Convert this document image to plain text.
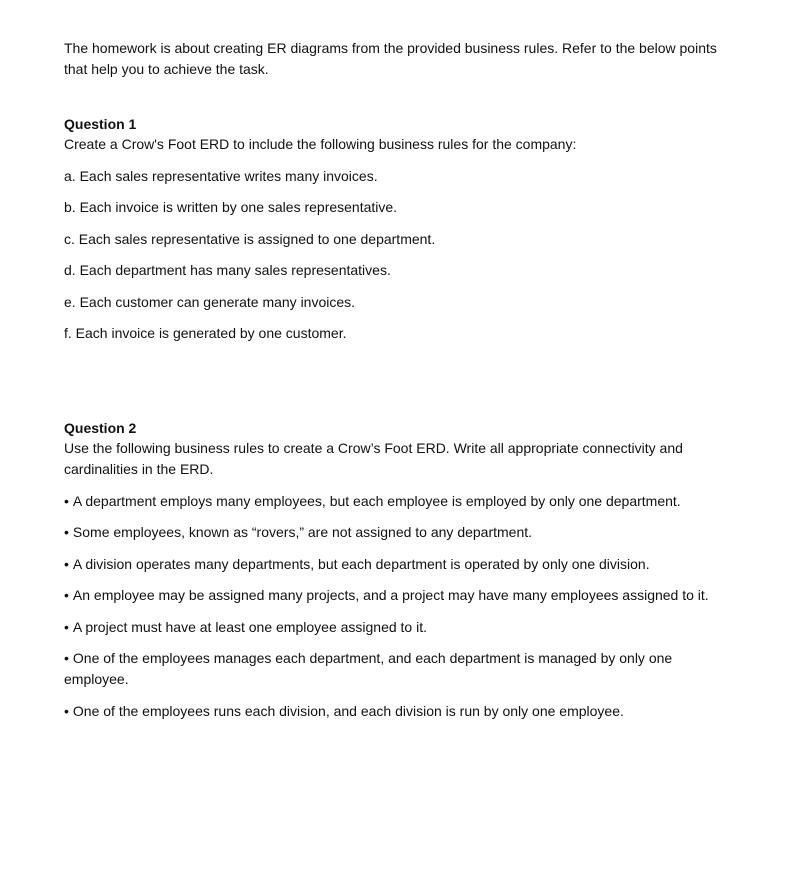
The homework is about creating ER diagrams from the provided business rules. Refer to the below points that help you to achieve the task.

Question 1

Create a Crow's Foot ERD to include the following business rules for the company:

a. Each sales representative writes many invoices.
b. Each invoice is written by one sales representative.
c. Each sales representative is assigned to one department.
d. Each department has many sales representatives.
e. Each customer can generate many invoices.
f. Each invoice is generated by one customer.

Question 2

Use the following business rules to create a Crow’s Foot ERD. Write all appropriate connectivity and cardinalities in the ERD.

• A department employs many employees, but each employee is employed by only one department.
• Some employees, known as “rovers,” are not assigned to any department.
• A division operates many departments, but each department is operated by only one division.
• An employee may be assigned many projects, and a project may have many employees assigned to it.
• A project must have at least one employee assigned to it.
• One of the employees manages each department, and each department is managed by only one employee.
• One of the employees runs each division, and each division is run by only one employee.
